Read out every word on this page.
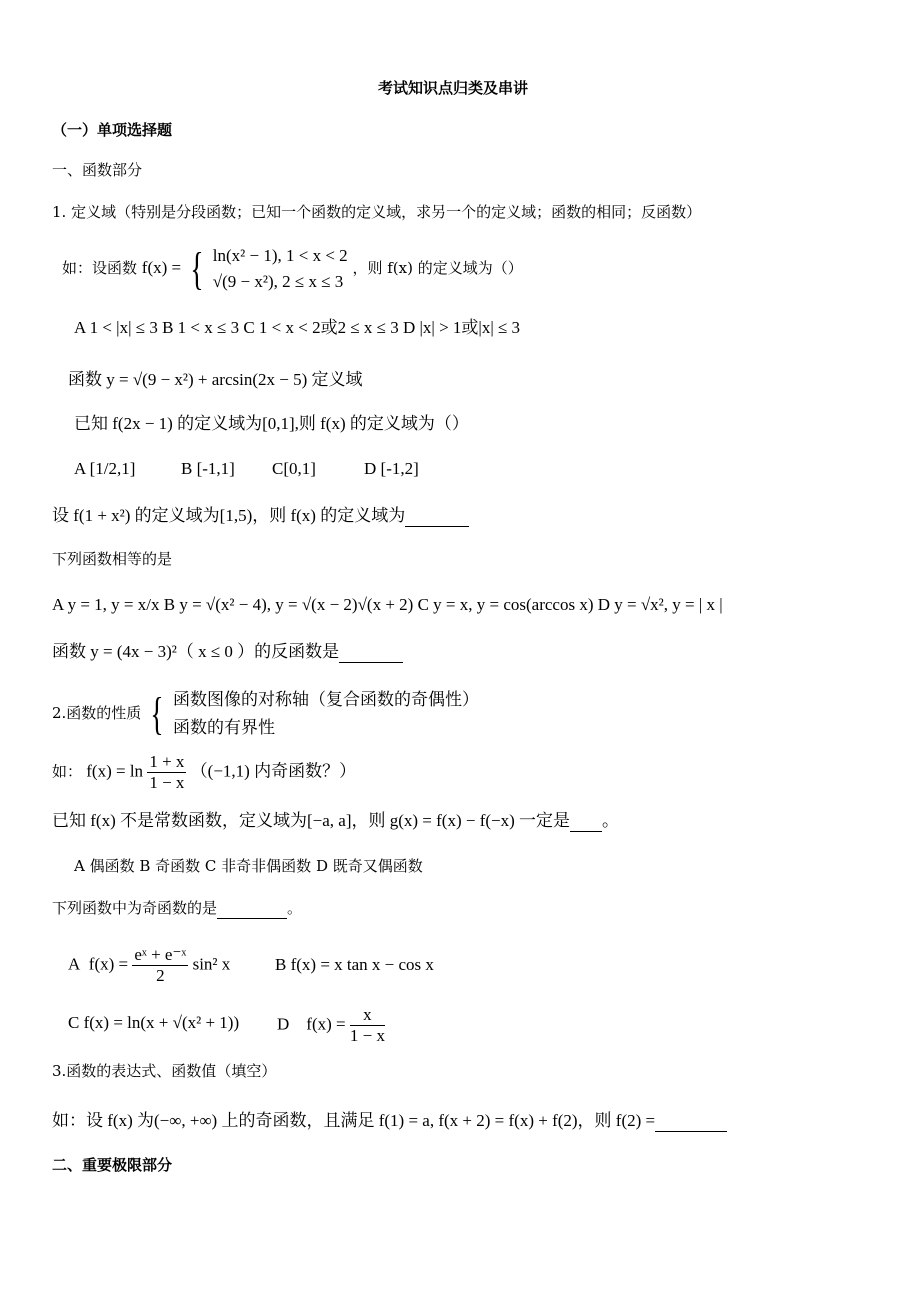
考试知识点归类及串讲
（一）单项选择题
一、函数部分
1. 定义域（特别是分段函数；已知一个函数的定义域，求另一个的定义域；函数的相同；反函数）
如：设函数 f(x) = { ln(x² − 1), 1 < x < 2
√(9 − x²), 2 ≤ x ≤ 3
，则 f(x) 的定义域为（）
A 1 < |x| ≤ 3 B 1 < x ≤ 3 C 1 < x < 2或2 ≤ x ≤ 3 D |x| > 1或|x| ≤ 3
函数 y = √(9 − x²) + arcsin(2x − 5) 定义域
已知 f(2x − 1) 的定义域为[0,1],则 f(x) 的定义域为（）
A [1/2,1]	B [-1,1] C[0,1]	D [-1,2]
设 f(1 + x²) 的定义域为[1,5)，则 f(x) 的定义域为
下列函数相等的是
A y = 1, y = x/x B y = √(x² − 4), y = √(x − 2)√(x + 2) C y = x, y = cos(arccos x) D y = √x², y = | x |
函数 y = (4x − 3)²（ x ≤ 0 ）的反函数是
2.函数的性质 { 函数图像的对称轴（复合函数的奇偶性）
函数的有界性
如： $f(x) = \ln \frac{1 + x}{1 - x} ((-1,1)$ 内奇函数？）
已知 f(x) 不是常数函数，定义域为[−a, a]，则 g(x) = f(x) − f(−x) 一定是 。
A 偶函数 B 奇函数 C 非奇非偶函数 D 既奇又偶函数
下列函数中为奇函数的是	。
A $f(x) = \frac{\text{eˣ + e⁻ˣ}}{2} \sin^2$ x	B f(x) = x tan x − cos x
C f(x) = ln(x + √(x² + 1)) D $f(x) = \frac{x}{1 - x}$
3.函数的表达式、函数值（填空）
如：设 f(x) 为(−∞, +∞) 上的奇函数，且满足 f(1) = a, f(x + 2) = f(x) + f(2)，则 f(2) =
二、重要极限部分
